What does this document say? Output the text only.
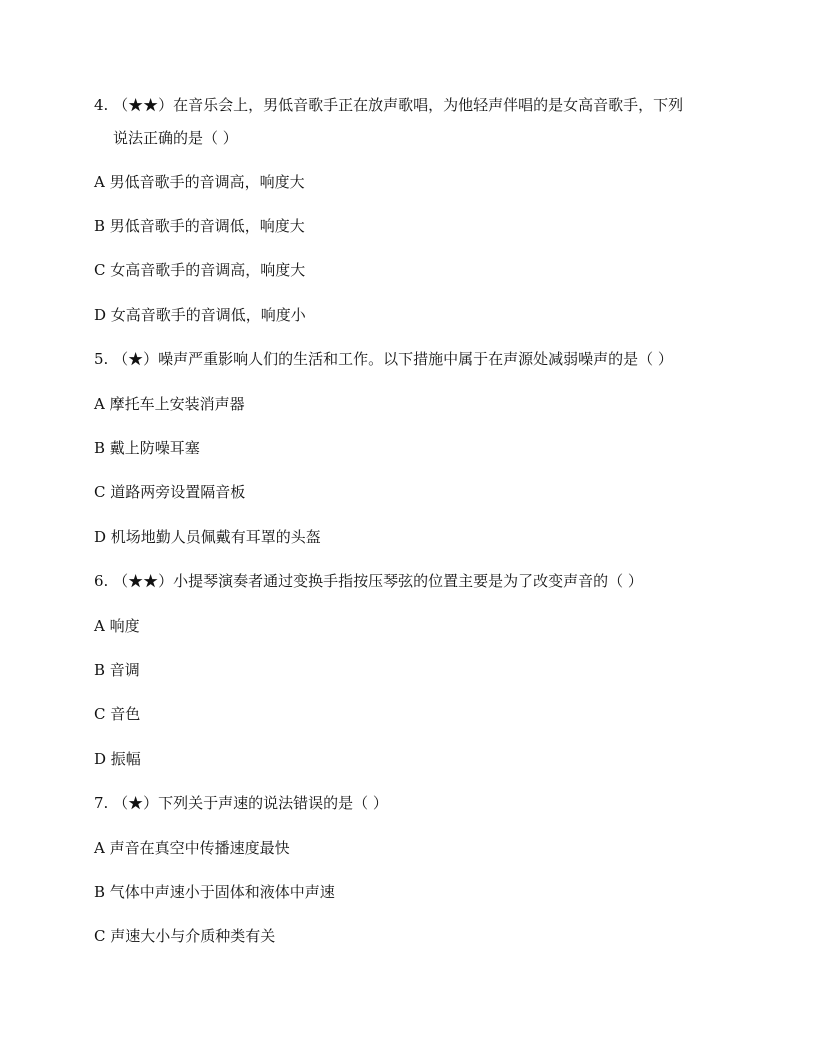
4. （★★）在音乐会上，男低音歌手正在放声歌唱，为他轻声伴唱的是女高音歌手，下列
说法正确的是（ ）
A 男低音歌手的音调高，响度大
B 男低音歌手的音调低，响度大
C 女高音歌手的音调高，响度大
D 女高音歌手的音调低，响度小
5. （★）噪声严重影响人们的生活和工作。以下措施中属于在声源处减弱噪声的是（ ）
A 摩托车上安装消声器
B 戴上防噪耳塞
C 道路两旁设置隔音板
D 机场地勤人员佩戴有耳罩的头盔
6. （★★）小提琴演奏者通过变换手指按压琴弦的位置主要是为了改变声音的（ ）
A 响度
B 音调
C 音色
D 振幅
7. （★）下列关于声速的说法错误的是（ ）
A 声音在真空中传播速度最快
B 气体中声速小于固体和液体中声速
C 声速大小与介质种类有关
